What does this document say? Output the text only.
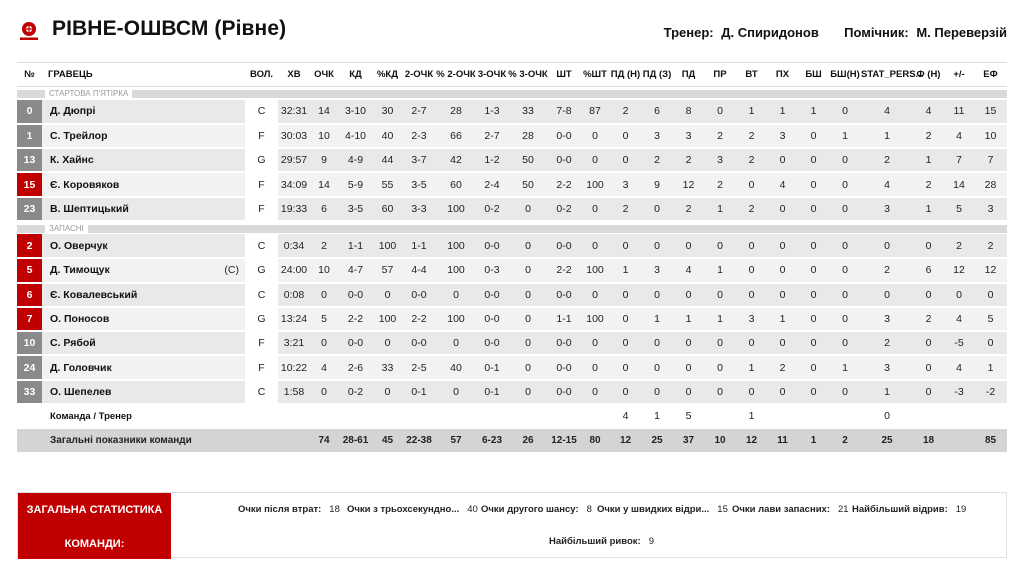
РІВНЕ-ОШВСМ (Рівне)	Тренер: Д. Спиридонов Помічник: М. Переверзій
№	ГРАВЕЦЬ		ВОЛ.	ХВ	ОЧК	КД	%КД	2-ОЧК	% 2-ОЧК	3-ОЧК	% 3-ОЧК	ШТ	%ШТ	ПД (Н)	ПД (З)	ПД	ПР	ВТ	ПХ	БШ	БШ(Н)	STAT_PERS...	Ф (Н)	+/-	ЕФ

СТАРТОВА П'ЯТІРКА																									

0	Д. Дюпрі		C	32:31	14	3-10	30	2-7	28	1-3	33	7-8	87	2	6	8	0	1	1	1	0	4	4	11	15
1	С. Трейлор		F	30:03	10	4-10	40	2-3	66	2-7	28	0-0	0	0	3	3	2	2	3	0	1	1	2	4	10
13	К. Хайнс		G	29:57	9	4-9	44	3-7	42	1-2	50	0-0	0	0	2	2	3	2	0	0	0	2	1	7	7
15	Є. Коровяков		F	34:09	14	5-9	55	3-5	60	2-4	50	2-2	100	3	9	12	2	0	4	0	0	4	2	14	28
23	В. Шептицький		F	19:33	6	3-5	60	3-3	100	0-2	0	0-2	0	2	0	2	1	2	0	0	0	3	1	5	3

ЗАПАСНІ																									

2	О. Оверчук		C	0:34	2	1-1	100	1-1	100	0-0	0	0-0	0	0	0	0	0	0	0	0	0	0	0	2	2
5	Д. Тимощук	(C)	G	24:00	10	4-7	57	4-4	100	0-3	0	2-2	100	1	3	4	1	0	0	0	0	2	6	12	12
6	Є. Ковалевський		C	0:08	0	0-0	0	0-0	0	0-0	0	0-0	0	0	0	0	0	0	0	0	0	0	0	0	0
7	О. Поносов		G	13:24	5	2-2	100	2-2	100	0-0	0	1-1	100	0	1	1	1	3	1	0	0	3	2	4	5
10	С. Рябой		F	3:21	0	0-0	0	0-0	0	0-0	0	0-0	0	0	0	0	0	0	0	0	0	2	0	-5	0
24	Д. Головчик		F	10:22	4	2-6	33	2-5	40	0-1	0	0-0	0	0	0	0	0	1	2	0	1	3	0	4	1
33	О. Шепелев		C	1:58	0	0-2	0	0-1	0	0-1	0	0-0	0	0	0	0	0	0	0	0	0	1	0	-3	-2
	Команда / Тренер													4	1	5		1				0			
	Загальні показники команди				74	28-61	45	22-38	57	6-23	26	12-15	80	12	25	37	10	12	11	1	2	25	18		85
ЗАГАЛЬНА СТАТИСТИКА
КОМАНДИ:
Очки після втрат: 18 Очки з трьохсекундно... 40 Очки другого шансу: 8 Очки у швидких відри... 15 Очки лави запасних: 21 Найбільший відрив: 19
Найбільший ривок: 9
